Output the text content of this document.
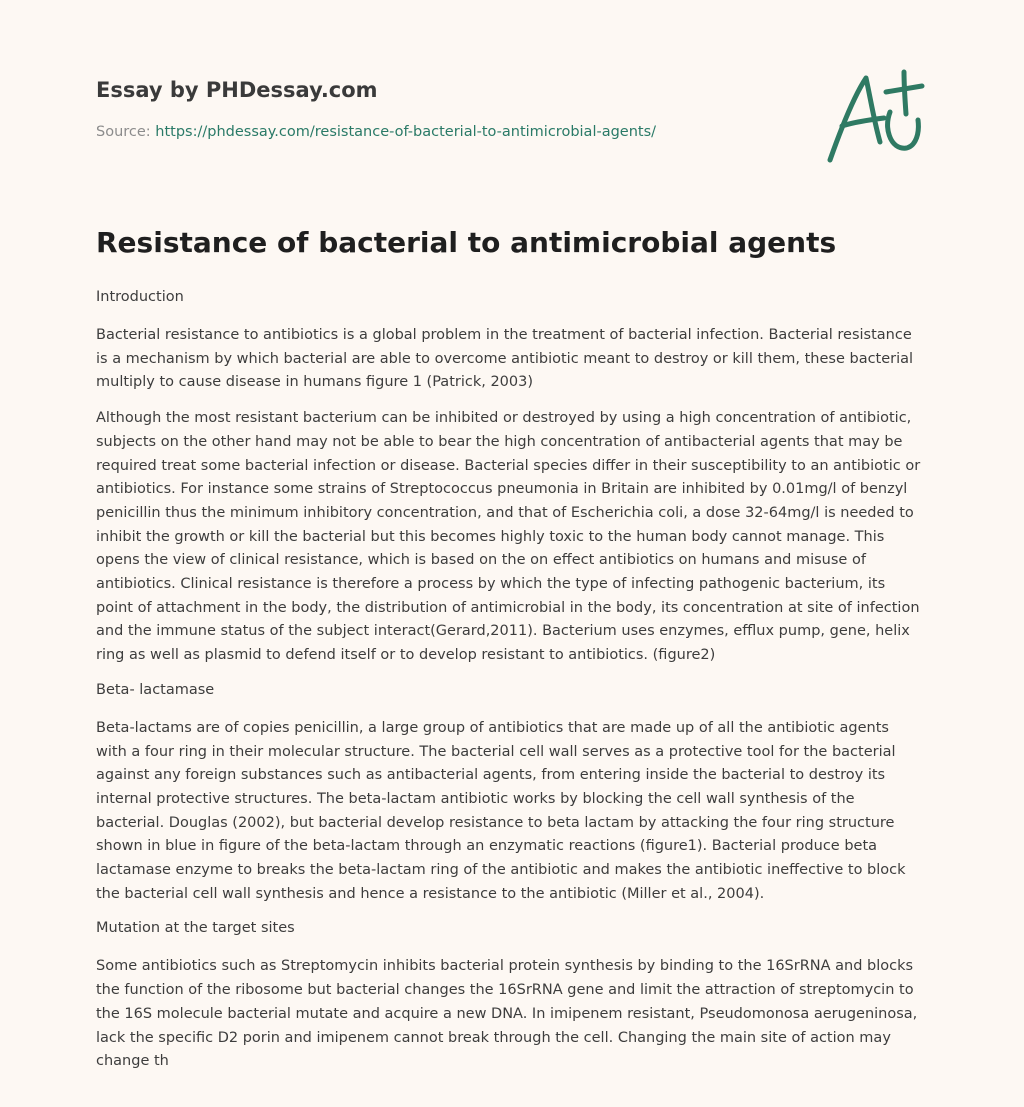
Essay by PHDessay.com
Source: https://phdessay.com/resistance-of-bacterial-to-antimicrobial-agents/
Resistance of bacterial to antimicrobial agents

Introduction

Bacterial resistance to antibiotics is a global problem in the treatment of bacterial infection. Bacterial resistance
is a mechanism by which bacterial are able to overcome antibiotic meant to destroy or kill them, these bacterial
multiply to cause disease in humans figure 1 (Patrick, 2003)

Although the most resistant bacterium can be inhibited or destroyed by using a high concentration of antibiotic,
subjects on the other hand may not be able to bear the high concentration of antibacterial agents that may be
required treat some bacterial infection or disease. Bacterial species differ in their susceptibility to an antibiotic or
antibiotics. For instance some strains of Streptococcus pneumonia in Britain are inhibited by 0.01mg/l of benzyl
penicillin thus the minimum inhibitory concentration, and that of Escherichia coli, a dose 32-64mg/l is needed to
inhibit the growth or kill the bacterial but this becomes highly toxic to the human body cannot manage. This
opens the view of clinical resistance, which is based on the on effect antibiotics on humans and misuse of
antibiotics. Clinical resistance is therefore a process by which the type of infecting pathogenic bacterium, its
point of attachment in the body, the distribution of antimicrobial in the body, its concentration at site of infection
and the immune status of the subject interact(Gerard,2011). Bacterium uses enzymes, efflux pump, gene, helix
ring as well as plasmid to defend itself or to develop resistant to antibiotics. (figure2)

Beta- lactamase

Beta-lactams are of copies penicillin, a large group of antibiotics that are made up of all the antibiotic agents
with a four ring in their molecular structure. The bacterial cell wall serves as a protective tool for the bacterial
against any foreign substances such as antibacterial agents, from entering inside the bacterial to destroy its
internal protective structures. The beta-lactam antibiotic works by blocking the cell wall synthesis of the
bacterial. Douglas (2002), but bacterial develop resistance to beta lactam by attacking the four ring structure
shown in blue in figure of the beta-lactam through an enzymatic reactions (figure1). Bacterial produce beta
lactamase enzyme to breaks the beta-lactam ring of the antibiotic and makes the antibiotic ineffective to block
the bacterial cell wall synthesis and hence a resistance to the antibiotic (Miller et al., 2004).

Mutation at the target sites

Some antibiotics such as Streptomycin inhibits bacterial protein synthesis by binding to the 16SrRNA and blocks
the function of the ribosome but bacterial changes the 16SrRNA gene and limit the attraction of streptomycin to
the 16S molecule bacterial mutate and acquire a new DNA. In imipenem resistant, Pseudomonosa aerugeninosa,
lack the specific D2 porin and imipenem cannot break through the cell. Changing the main site of action may
change th
